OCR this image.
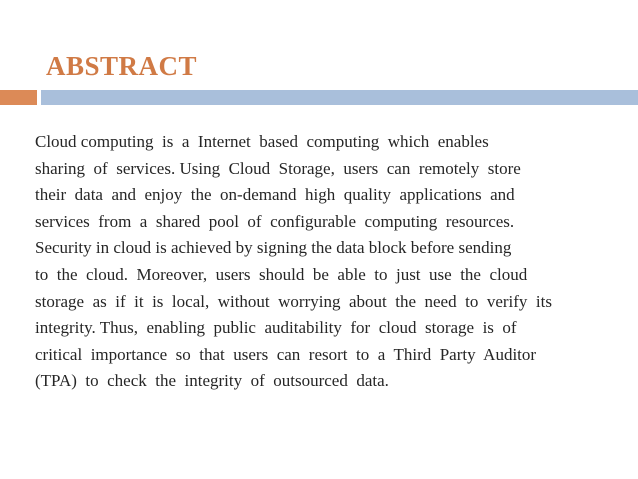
ABSTRACT
Cloud computing  is  a  Internet  based  computing  which  enables
sharing  of  services. Using  Cloud  Storage,  users  can  remotely  store
their  data  and  enjoy  the  on-demand  high  quality  applications  and
services  from  a  shared  pool  of  configurable  computing  resources.
Security in cloud is achieved by signing the data block before sending
to  the  cloud.  Moreover,  users  should  be  able  to  just  use  the  cloud
storage  as  if  it  is  local,  without  worrying  about  the  need  to  verify  its
integrity. Thus,  enabling  public  auditability  for  cloud  storage  is  of
critical  importance  so  that  users  can  resort  to  a  Third  Party  Auditor
(TPA)  to  check  the  integrity  of  outsourced  data.
